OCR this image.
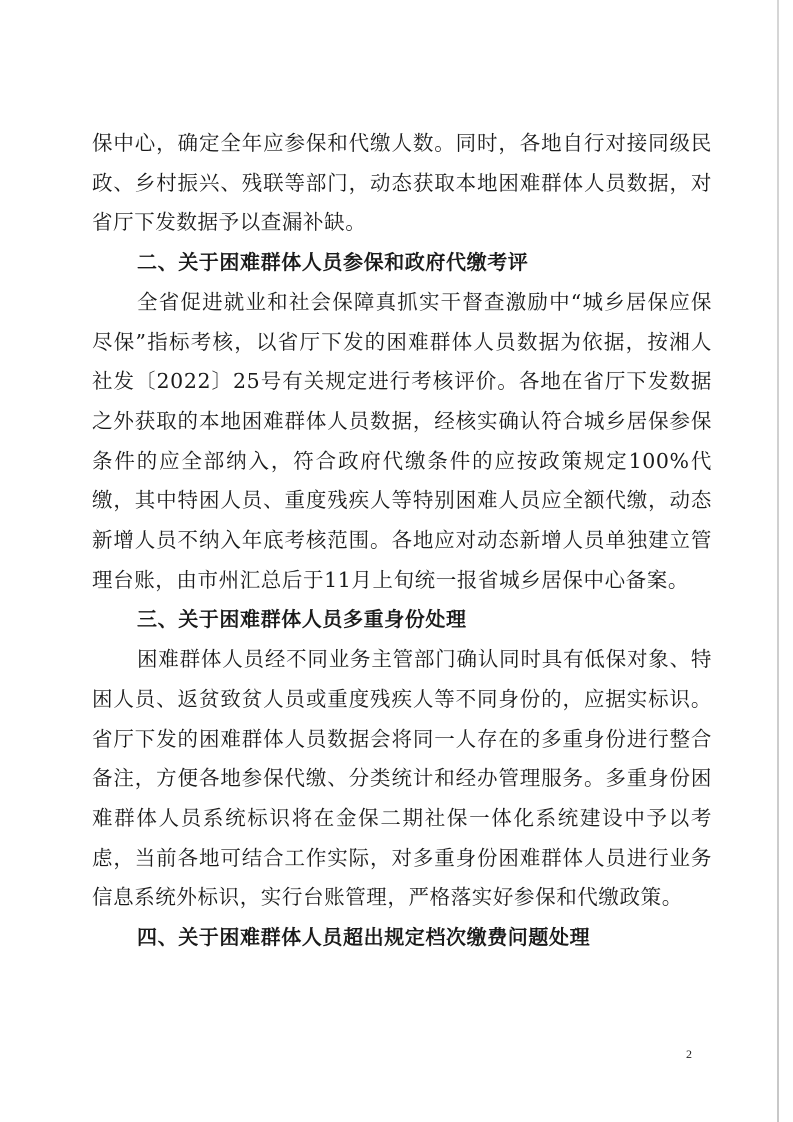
保中心，确定全年应参保和代缴人数。同时，各地自行对接同级民政、乡村振兴、残联等部门，动态获取本地困难群体人员数据，对省厅下发数据予以查漏补缺。

二、关于困难群体人员参保和政府代缴考评

全省促进就业和社会保障真抓实干督查激励中“城乡居保应保尽保”指标考核，以省厅下发的困难群体人员数据为依据，按湘人社发〔2022〕25号有关规定进行考核评价。各地在省厅下发数据之外获取的本地困难群体人员数据，经核实确认符合城乡居保参保条件的应全部纳入，符合政府代缴条件的应按政策规定100%代缴，其中特困人员、重度残疾人等特别困难人员应全额代缴，动态新增人员不纳入年底考核范围。各地应对动态新增人员单独建立管理台账，由市州汇总后于11月上旬统一报省城乡居保中心备案。

三、关于困难群体人员多重身份处理

困难群体人员经不同业务主管部门确认同时具有低保对象、特困人员、返贫致贫人员或重度残疾人等不同身份的，应据实标识。省厅下发的困难群体人员数据会将同一人存在的多重身份进行整合备注，方便各地参保代缴、分类统计和经办管理服务。多重身份困难群体人员系统标识将在金保二期社保一体化系统建设中予以考虑，当前各地可结合工作实际，对多重身份困难群体人员进行业务信息系统外标识，实行台账管理，严格落实好参保和代缴政策。

四、关于困难群体人员超出规定档次缴费问题处理

2
